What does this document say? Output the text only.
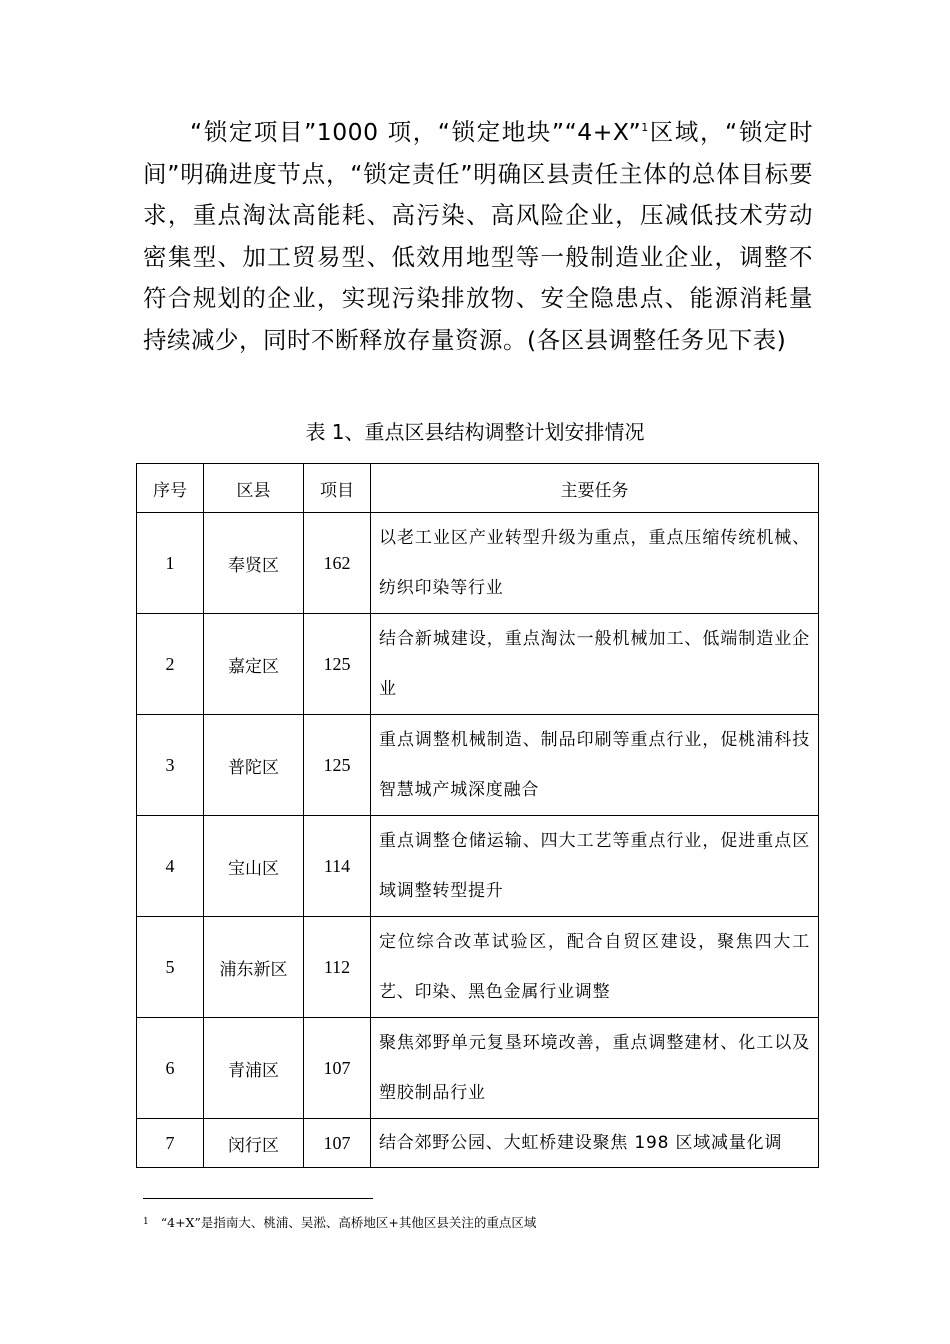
“锁定项目”1000 项，“锁定地块”“4+X”$^1$区域，“锁定时间”明确进度节点，“锁定责任”明确区县责任主体的总体目标要求，重点淘汰高能耗、高污染、高风险企业，压减低技术劳动密集型、加工贸易型、低效用地型等一般制造业企业，调整不符合规划的企业，实现污染排放物、安全隐患点、能源消耗量持续减少，同时不断释放存量资源。(各区县调整任务见下表)

表 1、重点区县结构调整计划安排情况

序号	区县	项目	主要任务
1	奉贤区	162	以老工业区产业转型升级为重点，重点压缩传统机械、纺织印染等行业
2	嘉定区	125	结合新城建设，重点淘汰一般机械加工、低端制造业企业
3	普陀区	125	重点调整机械制造、制品印刷等重点行业，促桃浦科技智慧城产城深度融合
4	宝山区	114	重点调整仓储运输、四大工艺等重点行业，促进重点区域调整转型提升
5	浦东新区	112	定位综合改革试验区，配合自贸区建设，聚焦四大工艺、印染、黑色金属行业调整
6	青浦区	107	聚焦郊野单元复垦环境改善，重点调整建材、化工以及塑胶制品行业
7	闵行区	107	结合郊野公园、大虹桥建设聚焦 198 区域减量化调

$^1$ “4+X”是指南大、桃浦、吴淞、高桥地区+其他区县关注的重点区域
